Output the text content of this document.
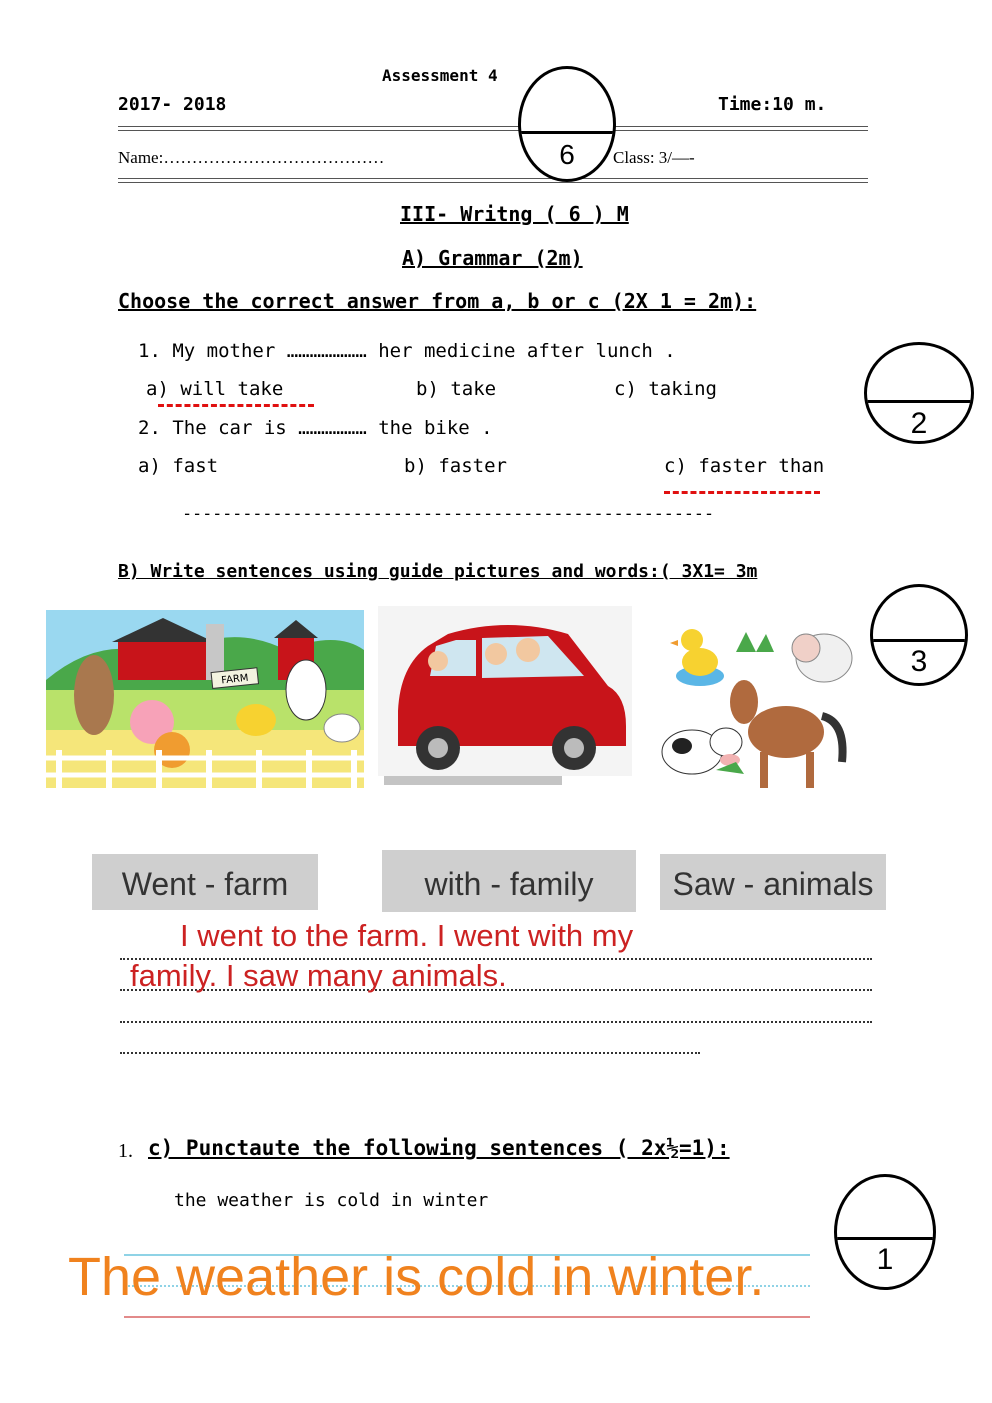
Assessment 4
2017- 2018	Time:10 m.
Name:…………………………………	Class: 3/—-
6
III- Writng ( 6 ) M
A) Grammar (2m)
Choose the correct answer from a, b or c (2X 1 = 2m):
1. My mother ………………… her medicine after lunch .
a) will take	b) take	c) taking
2. The car is ……………… the bike .
a) fast	b) faster	c) faster than
2
-----------------------------------------------------
B) Write sentences using guide pictures and words:( 3X1= 3m
3
FARM
Went - farm	with - family	Saw - animals
I went to the farm. I went with my
family. I saw many animals.
1. c) Punctaute the following sentences ( 2x½=1):
the weather is cold in winter
1
The weather is cold in winter.
